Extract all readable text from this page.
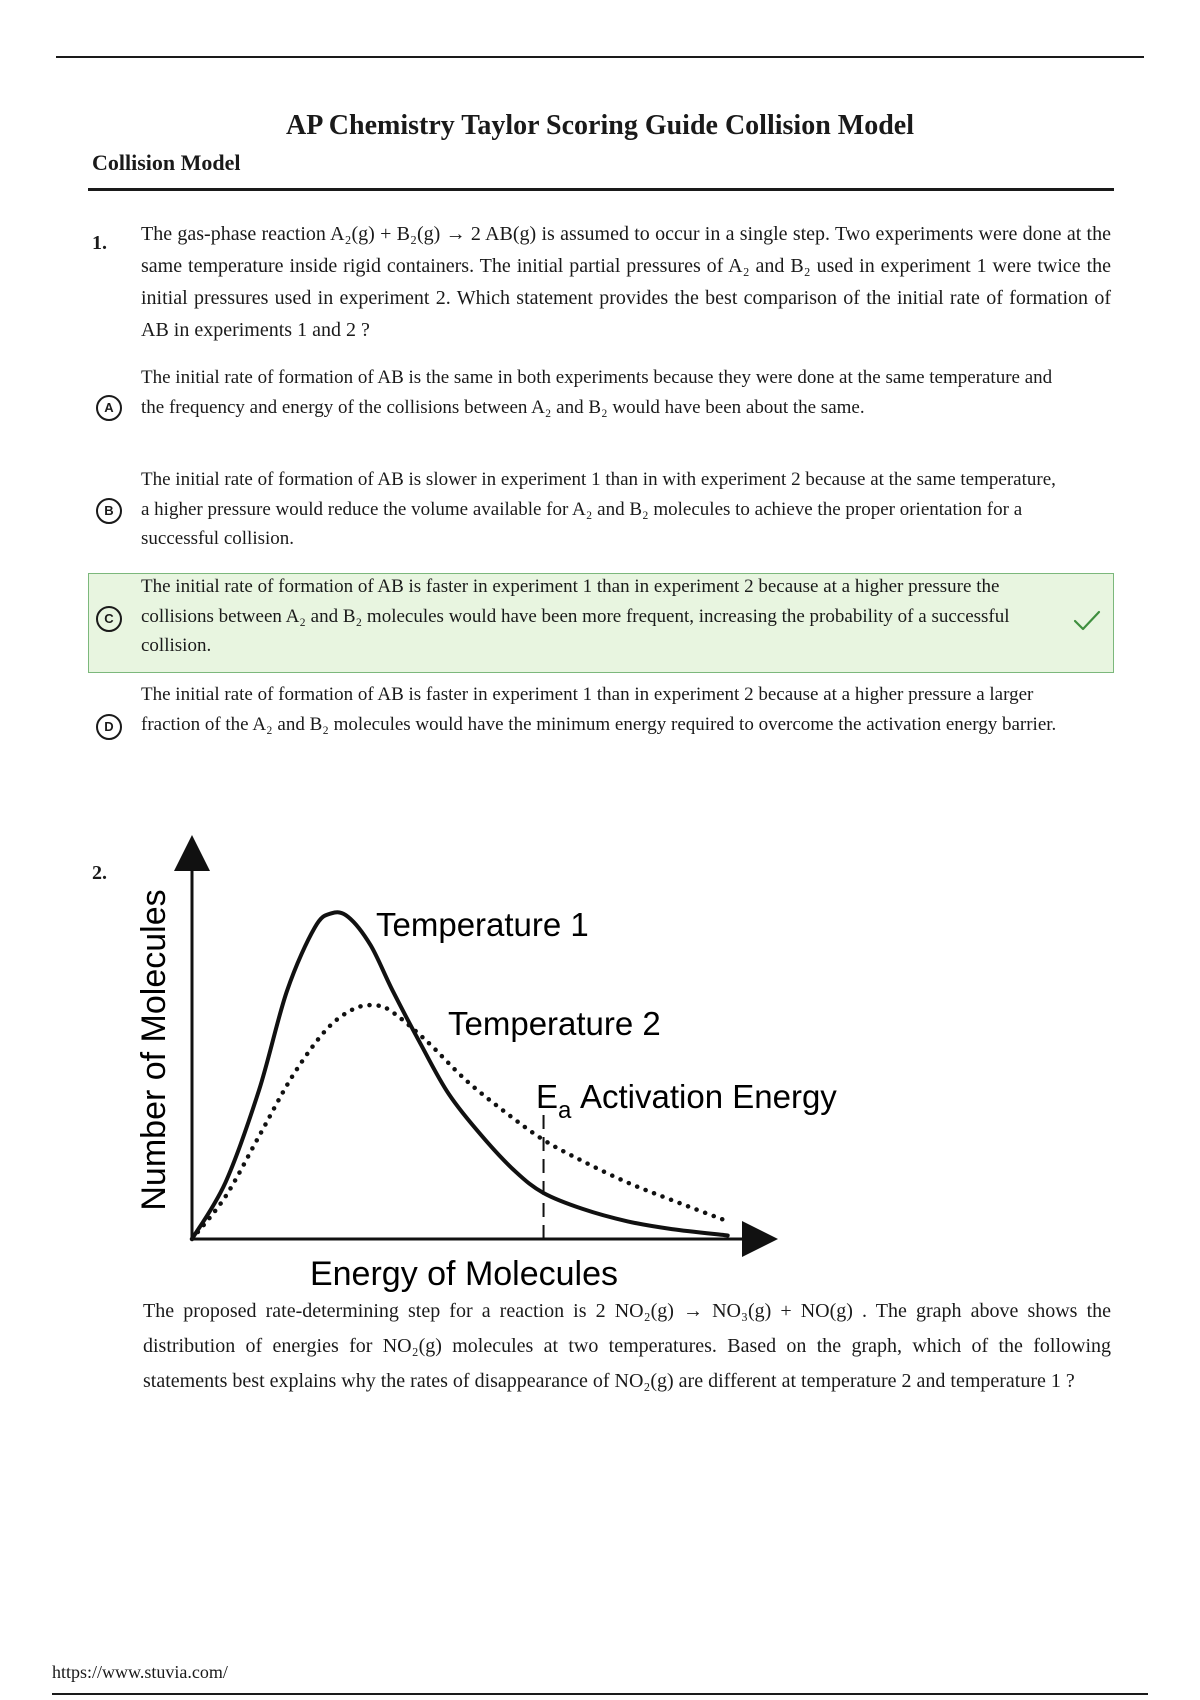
AP Chemistry Taylor Scoring Guide Collision Model
Collision Model
1. The gas-phase reaction A₂(g) + B₂(g) → 2 AB(g) is assumed to occur in a single step. Two experiments were done at the same temperature inside rigid containers. The initial partial pressures of A₂ and B₂ used in experiment 1 were twice the initial pressures used in experiment 2. Which statement provides the best comparison of the initial rate of formation of AB in experiments 1 and 2 ?
A
The initial rate of formation of AB is the same in both experiments because they were done at the same temperature and the frequency and energy of the collisions between A₂ and B₂ would have been about the same.
B
The initial rate of formation of AB is slower in experiment 1 than in with experiment 2 because at the same temperature, a higher pressure would reduce the volume available for A₂ and B₂ molecules to achieve the proper orientation for a successful collision.
C
The initial rate of formation of AB is faster in experiment 1 than in experiment 2 because at a higher pressure the collisions between A₂ and B₂ molecules would have been more frequent, increasing the probability of a successful collision.
D
The initial rate of formation of AB is faster in experiment 1 than in experiment 2 because at a higher pressure a larger fraction of the A₂ and B₂ molecules would have the minimum energy required to overcome the activation energy barrier.
2.
Number of Molecules
Energy of Molecules
Temperature 1
Temperature 2
$E_a$ Activation Energy
The proposed rate-determining step for a reaction is 2 NO₂(g) → NO₃(g) + NO(g) . The graph above shows the distribution of energies for NO₂(g) molecules at two temperatures. Based on the graph, which of the following statements best explains why the rates of disappearance of NO₂(g) are different at temperature 2 and temperature 1 ?
https://www.stuvia.com/
